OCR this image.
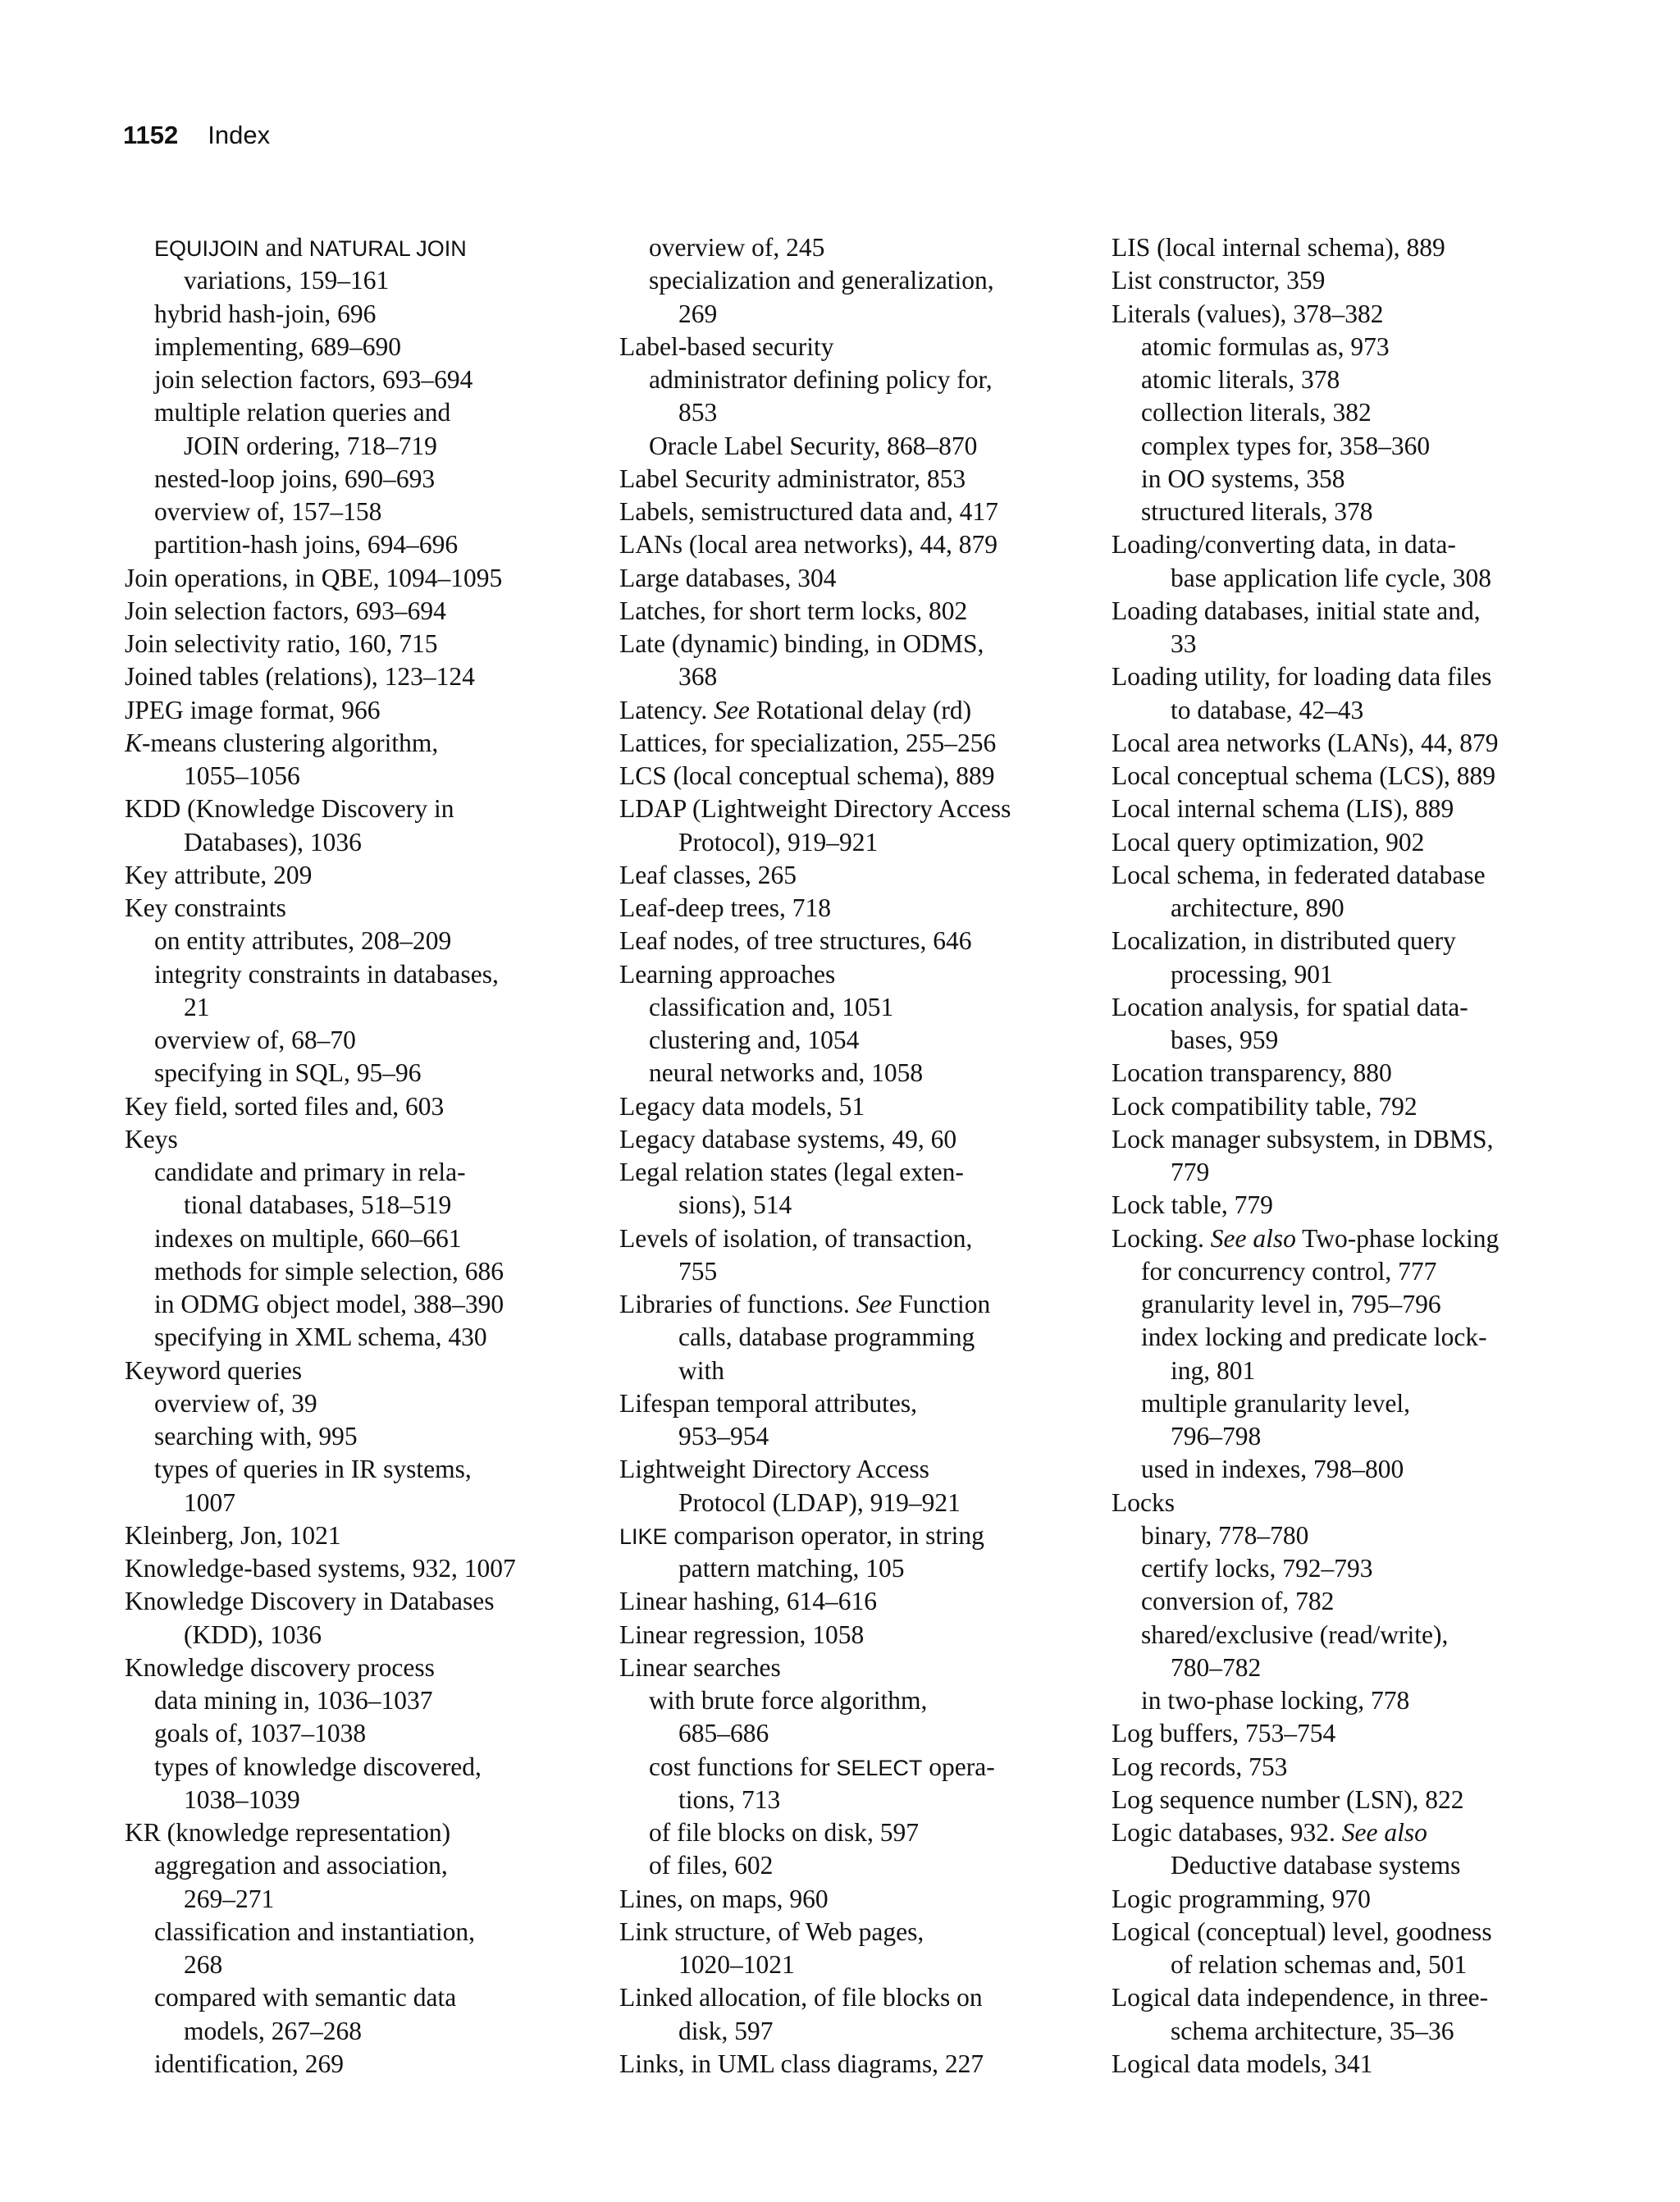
1152 Index
EQUIJOIN and NATURAL JOIN
variations, 159–161
hybrid hash-join, 696
implementing, 689–690
join selection factors, 693–694
multiple relation queries and
JOIN ordering, 718–719
nested-loop joins, 690–693
overview of, 157–158
partition-hash joins, 694–696
Join operations, in QBE, 1094–1095
Join selection factors, 693–694
Join selectivity ratio, 160, 715
Joined tables (relations), 123–124
JPEG image format, 966
K-means clustering algorithm,
1055–1056
KDD (Knowledge Discovery in
Databases), 1036
Key attribute, 209
Key constraints
on entity attributes, 208–209
integrity constraints in databases,
21
overview of, 68–70
specifying in SQL, 95–96
Key field, sorted files and, 603
Keys
candidate and primary in rela-
tional databases, 518–519
indexes on multiple, 660–661
methods for simple selection, 686
in ODMG object model, 388–390
specifying in XML schema, 430
Keyword queries
overview of, 39
searching with, 995
types of queries in IR systems,
1007
Kleinberg, Jon, 1021
Knowledge-based systems, 932, 1007
Knowledge Discovery in Databases
(KDD), 1036
Knowledge discovery process
data mining in, 1036–1037
goals of, 1037–1038
types of knowledge discovered,
1038–1039
KR (knowledge representation)
aggregation and association,
269–271
classification and instantiation,
268
compared with semantic data
models, 267–268
identification, 269
overview of, 245
specialization and generalization,
269
Label-based security
administrator defining policy for,
853
Oracle Label Security, 868–870
Label Security administrator, 853
Labels, semistructured data and, 417
LANs (local area networks), 44, 879
Large databases, 304
Latches, for short term locks, 802
Late (dynamic) binding, in ODMS,
368
Latency. See Rotational delay (rd)
Lattices, for specialization, 255–256
LCS (local conceptual schema), 889
LDAP (Lightweight Directory Access
Protocol), 919–921
Leaf classes, 265
Leaf-deep trees, 718
Leaf nodes, of tree structures, 646
Learning approaches
classification and, 1051
clustering and, 1054
neural networks and, 1058
Legacy data models, 51
Legacy database systems, 49, 60
Legal relation states (legal exten-
sions), 514
Levels of isolation, of transaction,
755
Libraries of functions. See Function
calls, database programming
with
Lifespan temporal attributes,
953–954
Lightweight Directory Access
Protocol (LDAP), 919–921
LIKE comparison operator, in string
pattern matching, 105
Linear hashing, 614–616
Linear regression, 1058
Linear searches
with brute force algorithm,
685–686
cost functions for SELECT opera-
tions, 713
of file blocks on disk, 597
of files, 602
Lines, on maps, 960
Link structure, of Web pages,
1020–1021
Linked allocation, of file blocks on
disk, 597
Links, in UML class diagrams, 227
LIS (local internal schema), 889
List constructor, 359
Literals (values), 378–382
atomic formulas as, 973
atomic literals, 378
collection literals, 382
complex types for, 358–360
in OO systems, 358
structured literals, 378
Loading/converting data, in data-
base application life cycle, 308
Loading databases, initial state and,
33
Loading utility, for loading data files
to database, 42–43
Local area networks (LANs), 44, 879
Local conceptual schema (LCS), 889
Local internal schema (LIS), 889
Local query optimization, 902
Local schema, in federated database
architecture, 890
Localization, in distributed query
processing, 901
Location analysis, for spatial data-
bases, 959
Location transparency, 880
Lock compatibility table, 792
Lock manager subsystem, in DBMS,
779
Lock table, 779
Locking. See also Two-phase locking
for concurrency control, 777
granularity level in, 795–796
index locking and predicate lock-
ing, 801
multiple granularity level,
796–798
used in indexes, 798–800
Locks
binary, 778–780
certify locks, 792–793
conversion of, 782
shared/exclusive (read/write),
780–782
in two-phase locking, 778
Log buffers, 753–754
Log records, 753
Log sequence number (LSN), 822
Logic databases, 932. See also
Deductive database systems
Logic programming, 970
Logical (conceptual) level, goodness
of relation schemas and, 501
Logical data independence, in three-
schema architecture, 35–36
Logical data models, 341
